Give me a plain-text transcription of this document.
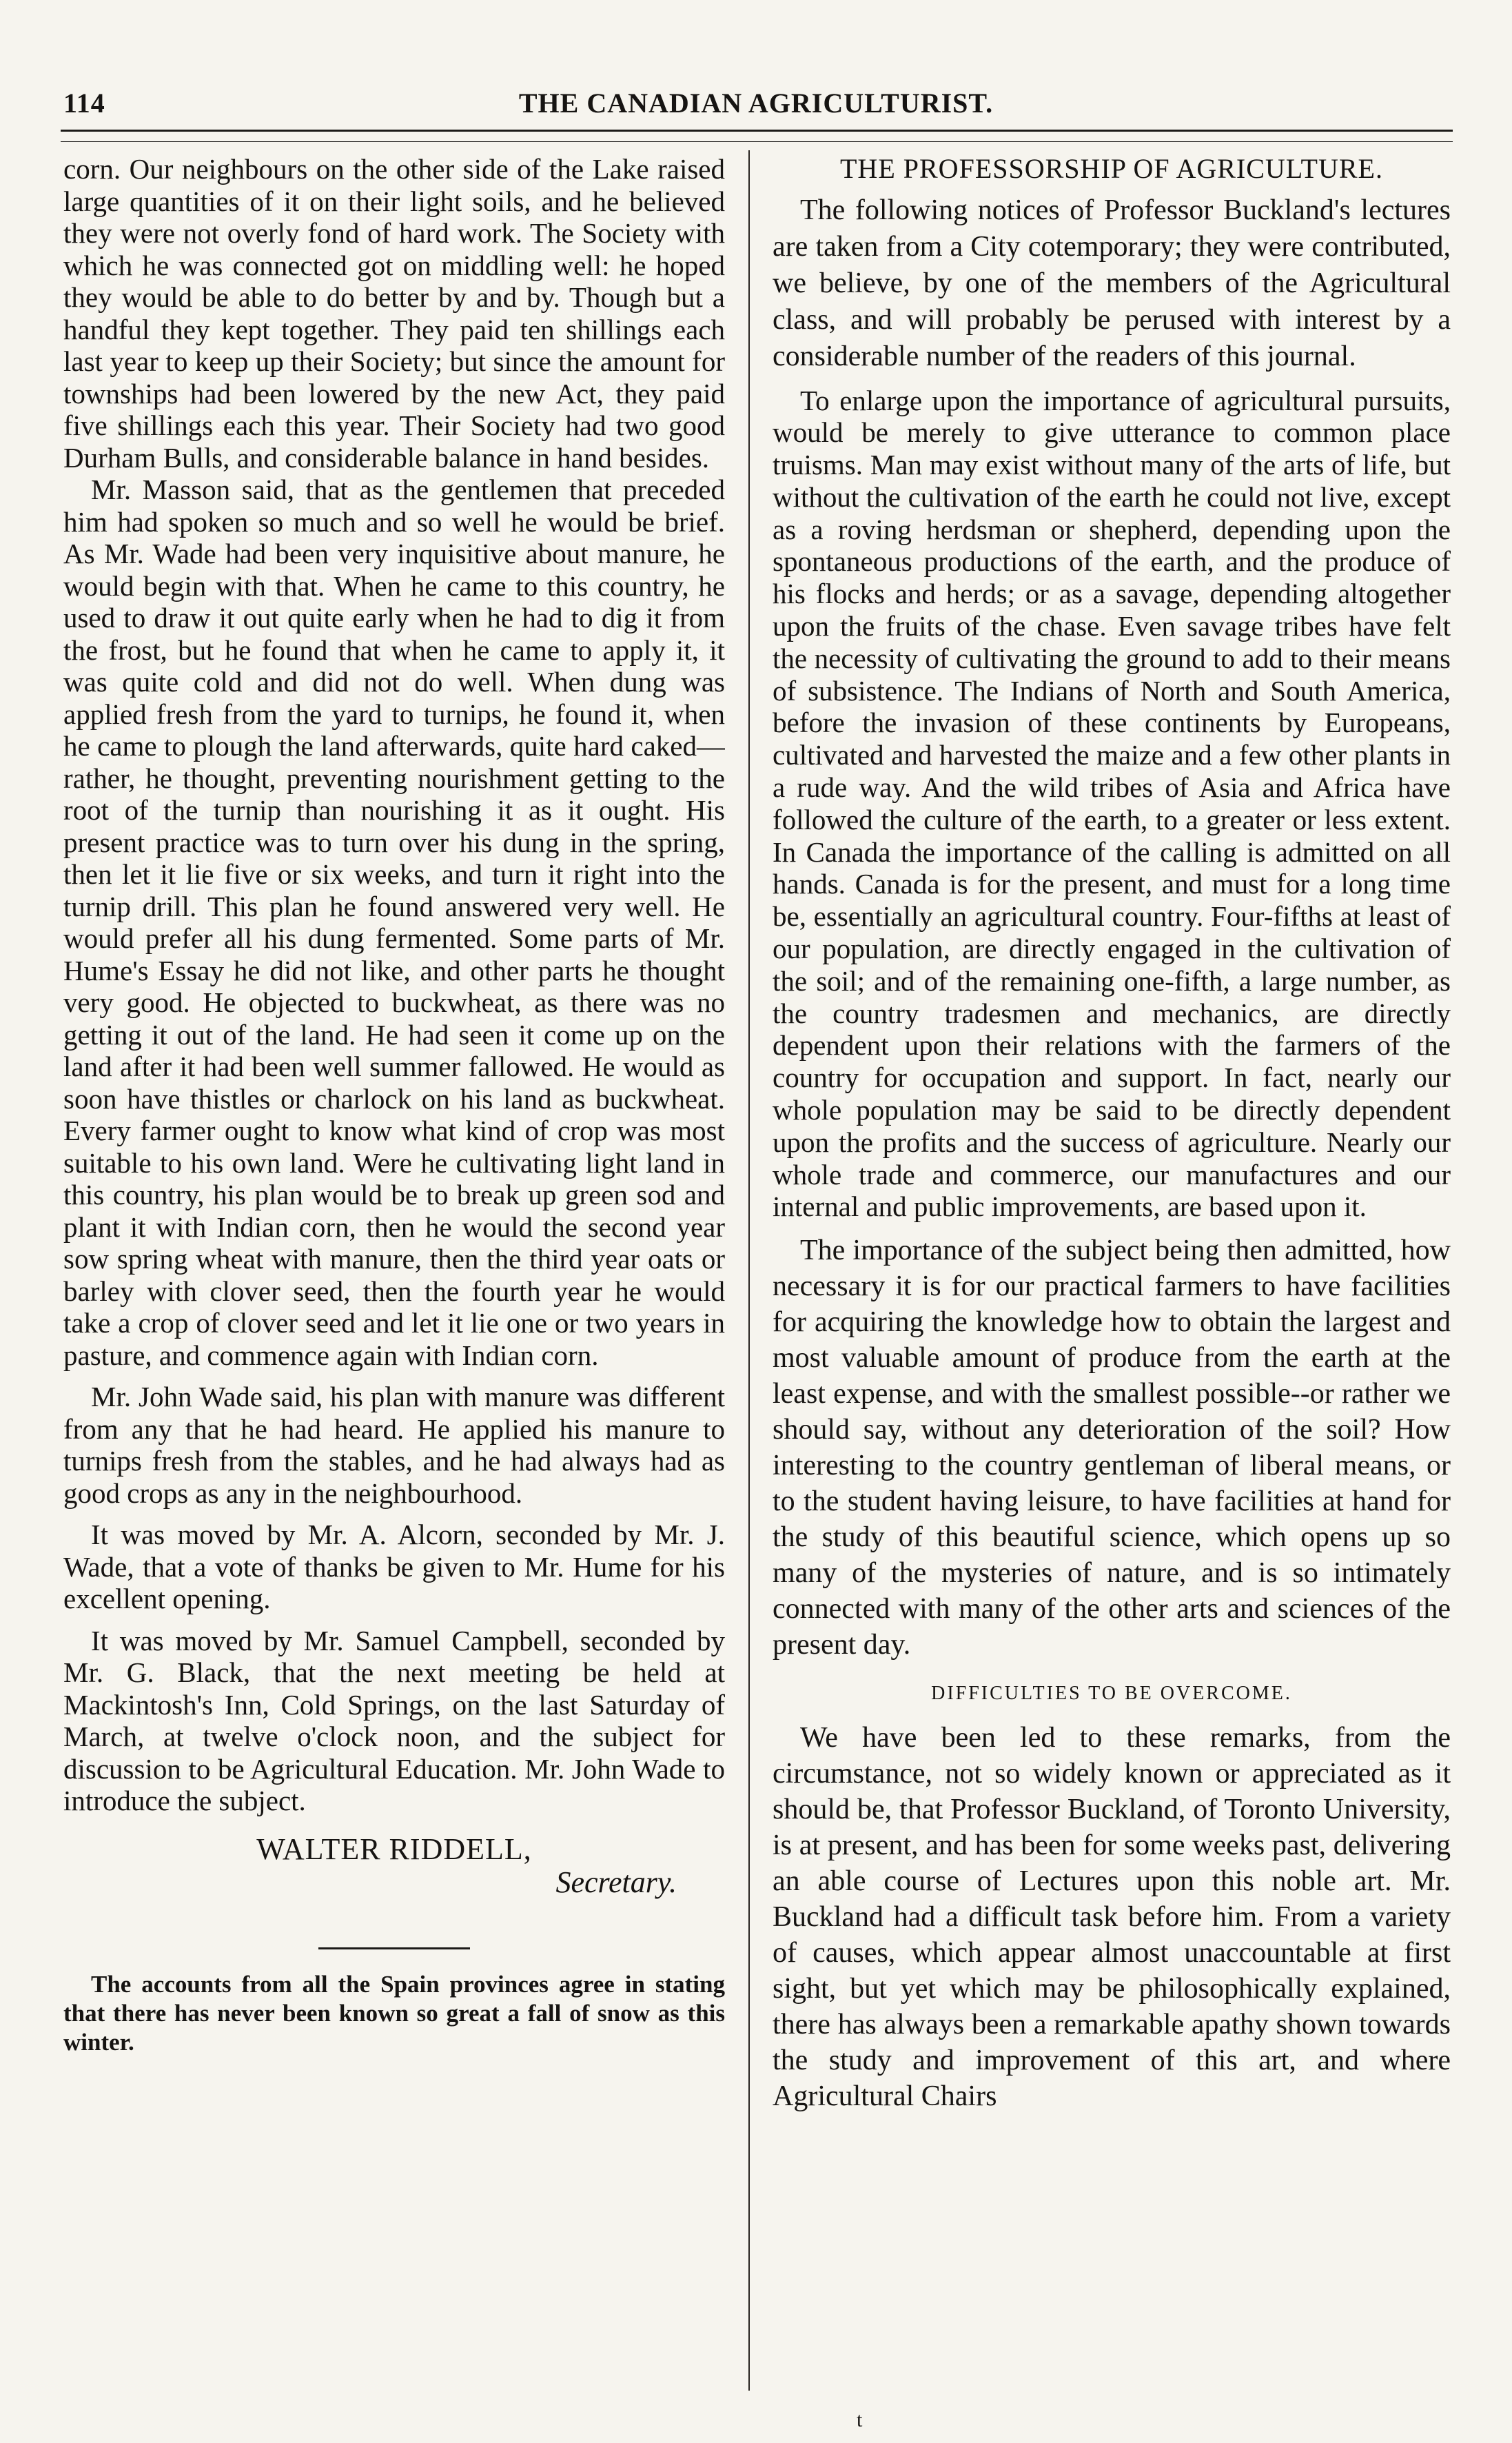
114	THE CANADIAN AGRICULTURIST.

corn. Our neighbours on the other side of the Lake raised large quantities of it on their light soils, and he believed they were not overly fond of hard work. The Society with which he was connected got on middling well: he hoped they would be able to do better by and by. Though but a handful they kept together. They paid ten shillings each last year to keep up their Society; but since the amount for townships had been lowered by the new Act, they paid five shillings each this year. Their Society had two good Durham Bulls, and considerable balance in hand besides.

Mr. Masson said, that as the gentlemen that preceded him had spoken so much and so well he would be brief. As Mr. Wade had been very inquisitive about manure, he would begin with that. When he came to this country, he used to draw it out quite early when he had to dig it from the frost, but he found that when he came to apply it, it was quite cold and did not do well. When dung was applied fresh from the yard to turnips, he found it, when he came to plough the land afterwards, quite hard caked—rather, he thought, preventing nourishment getting to the root of the turnip than nourishing it as it ought. His present practice was to turn over his dung in the spring, then let it lie five or six weeks, and turn it right into the turnip drill. This plan he found answered very well. He would prefer all his dung fermented. Some parts of Mr. Hume's Essay he did not like, and other parts he thought very good. He objected to buckwheat, as there was no getting it out of the land. He had seen it come up on the land after it had been well summer fallowed. He would as soon have thistles or charlock on his land as buckwheat. Every farmer ought to know what kind of crop was most suitable to his own land. Were he cultivating light land in this country, his plan would be to break up green sod and plant it with Indian corn, then he would the second year sow spring wheat with manure, then the third year oats or barley with clover seed, then the fourth year he would take a crop of clover seed and let it lie one or two years in pasture, and commence again with Indian corn.

Mr. John Wade said, his plan with manure was different from any that he had heard. He applied his manure to turnips fresh from the stables, and he had always had as good crops as any in the neighbourhood.

It was moved by Mr. A. Alcorn, seconded by Mr. J. Wade, that a vote of thanks be given to Mr. Hume for his excellent opening.

It was moved by Mr. Samuel Campbell, seconded by Mr. G. Black, that the next meeting be held at Mackintosh's Inn, Cold Springs, on the last Saturday of March, at twelve o'clock noon, and the subject for discussion to be Agricultural Education. Mr. John Wade to introduce the subject.

WALTER RIDDELL,
Secretary.

The accounts from all the Spain provinces agree in stating that there has never been known so great a fall of snow as this winter.

THE PROFESSORSHIP OF AGRICULTURE.

The following notices of Professor Buckland's lectures are taken from a City cotemporary; they were contributed, we believe, by one of the members of the Agricultural class, and will probably be perused with interest by a considerable number of the readers of this journal.

To enlarge upon the importance of agricultural pursuits, would be merely to give utterance to common place truisms. Man may exist without many of the arts of life, but without the cultivation of the earth he could not live, except as a roving herdsman or shepherd, depending upon the spontaneous productions of the earth, and the produce of his flocks and herds; or as a savage, depending altogether upon the fruits of the chase. Even savage tribes have felt the necessity of cultivating the ground to add to their means of subsistence. The Indians of North and South America, before the invasion of these continents by Europeans, cultivated and harvested the maize and a few other plants in a rude way. And the wild tribes of Asia and Africa have followed the culture of the earth, to a greater or less extent. In Canada the importance of the calling is admitted on all hands. Canada is for the present, and must for a long time be, essentially an agricultural country. Four-fifths at least of our population, are directly engaged in the cultivation of the soil; and of the remaining one-fifth, a large number, as the country tradesmen and mechanics, are directly dependent upon their relations with the farmers of the country for occupation and support. In fact, nearly our whole population may be said to be directly dependent upon the profits and the success of agriculture. Nearly our whole trade and commerce, our manufactures and our internal and public improvements, are based upon it.

The importance of the subject being then admitted, how necessary it is for our practical farmers to have facilities for acquiring the knowledge how to obtain the largest and most valuable amount of produce from the earth at the least expense, and with the smallest possible--or rather we should say, without any deterioration of the soil? How interesting to the country gentleman of liberal means, or to the student having leisure, to have facilities at hand for the study of this beautiful science, which opens up so many of the mysteries of nature, and is so intimately connected with many of the other arts and sciences of the present day.

DIFFICULTIES TO BE OVERCOME.

We have been led to these remarks, from the circumstance, not so widely known or appreciated as it should be, that Professor Buckland, of Toronto University, is at present, and has been for some weeks past, delivering an able course of Lectures upon this noble art. Mr. Buckland had a difficult task before him. From a variety of causes, which appear almost unaccountable at first sight, but yet which may be philosophically explained, there has always been a remarkable apathy shown towards the study and improvement of this art, and where Agricultural Chairs

t
